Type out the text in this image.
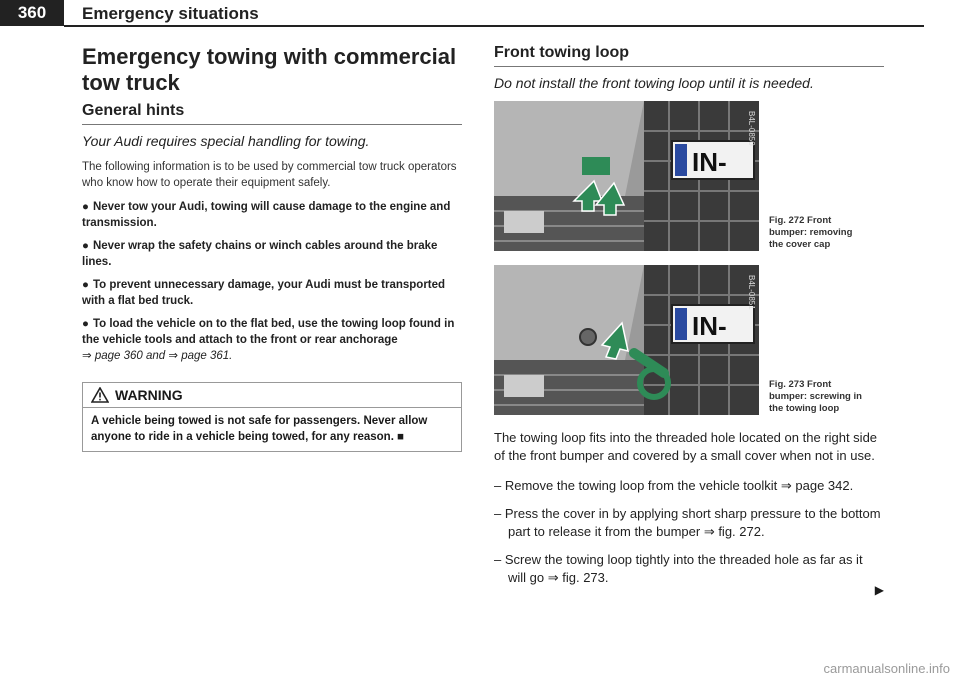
360	Emergency situations
Emergency towing with commercial tow truck
General hints

Your Audi requires special handling for towing.

The following information is to be used by commercial tow truck operators who know how to operate their equipment safely.

● Never tow your Audi, towing will cause damage to the engine and transmission.

● Never wrap the safety chains or winch cables around the brake lines.

● To prevent unnecessary damage, your Audi must be transported with a flat bed truck.

● To load the vehicle on to the flat bed, use the towing loop found in the vehicle tools and attach to the front or rear anchorage
⇒ page 360 and ⇒ page 361.

WARNING
A vehicle being towed is not safe for passengers. Never allow anyone to ride in a vehicle being towed, for any reason. ■
Front towing loop

Do not install the front towing loop until it is needed.

IN-
B4L-0850
Fig. 272 Front bumper: removing the cover cap
IN-
B4L-0851
Fig. 273 Front bumper: screwing in the towing loop

The towing loop fits into the threaded hole located on the right side of the front bumper and covered by a small cover when not in use.

– Remove the towing loop from the vehicle toolkit ⇒ page 342.

– Press the cover in by applying short sharp pressure to the bottom part to release it from the bumper ⇒ fig. 272.

– Screw the towing loop tightly into the threaded hole as far as it will go ⇒ fig. 273.

▶
carmanualsonline.info
